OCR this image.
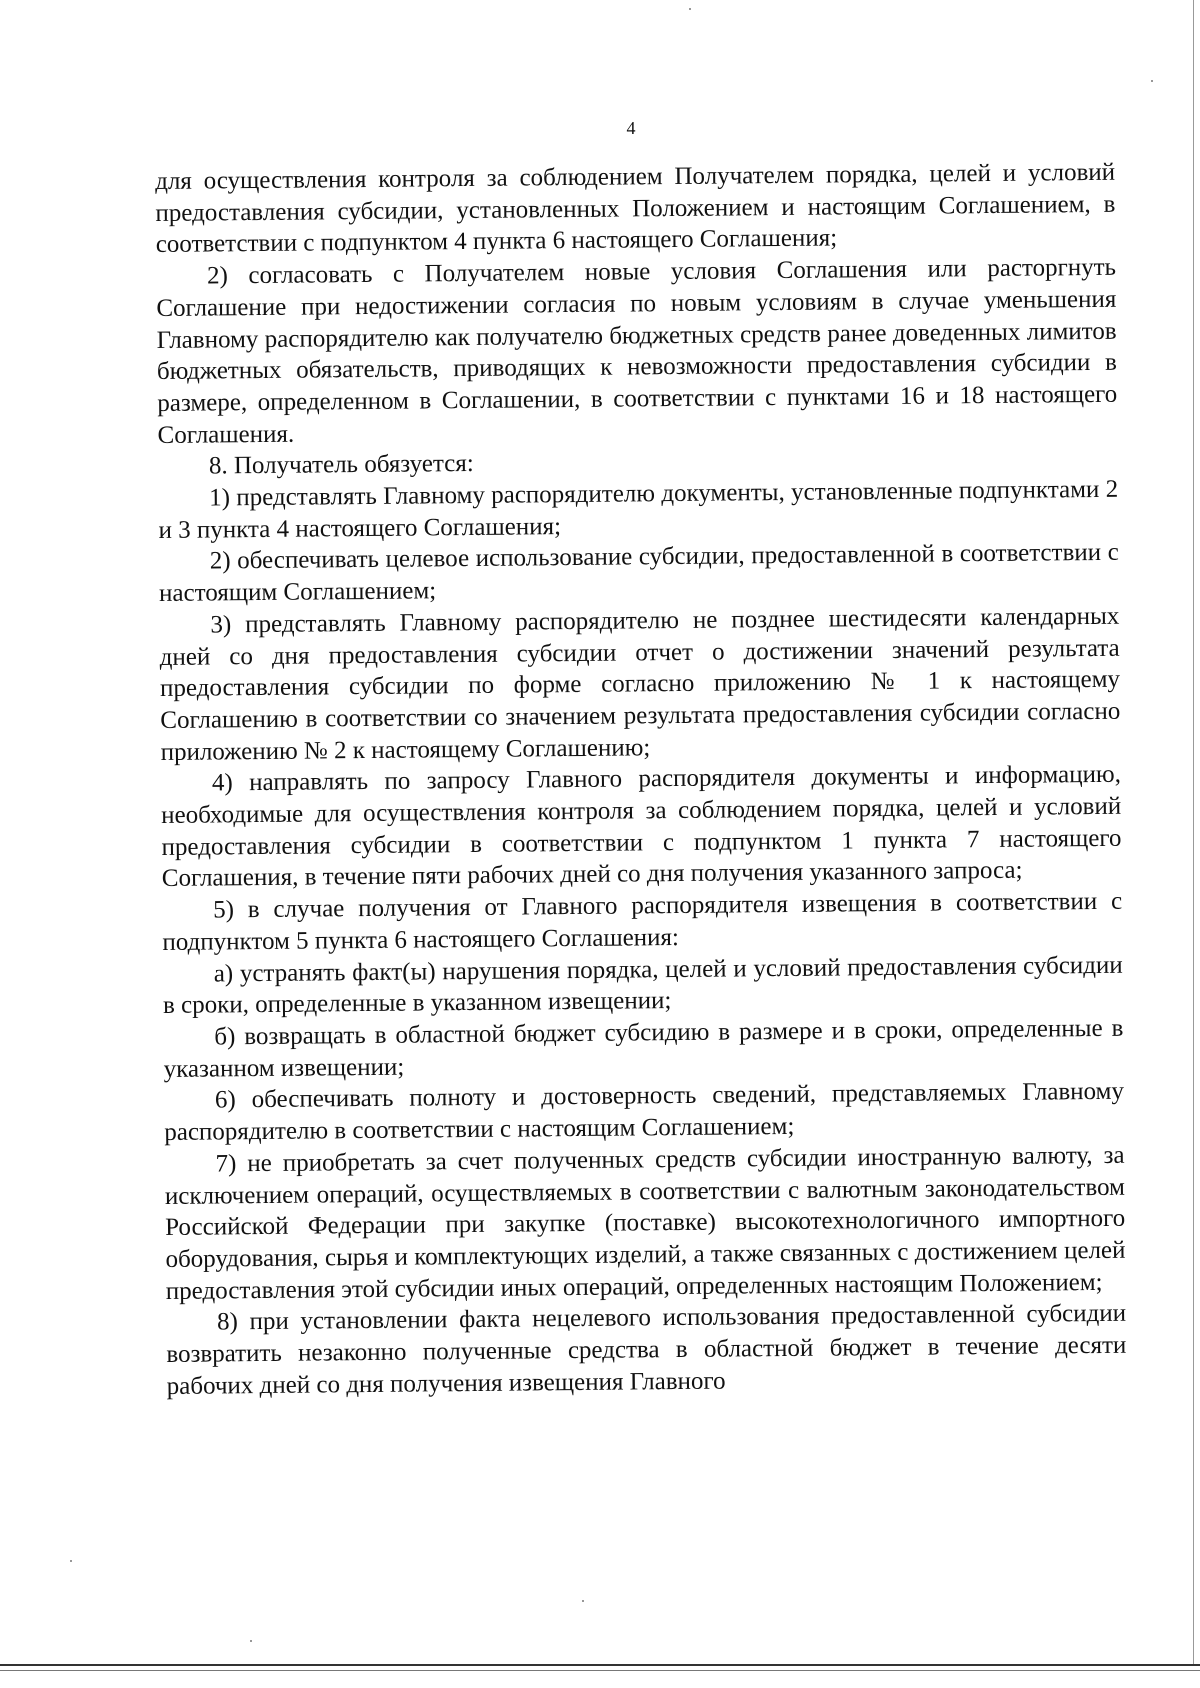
4

для осуществления контроля за соблюдением Получателем порядка, целей и условий предоставления субсидии, установленных Положением и настоящим Соглашением, в соответствии с подпунктом 4 пункта 6 настоящего Соглашения;

2) согласовать с Получателем новые условия Соглашения или расторгнуть Соглашение при недостижении согласия по новым условиям в случае уменьшения Главному распорядителю как получателю бюджетных средств ранее доведенных лимитов бюджетных обязательств, приводящих к невозможности предоставления субсидии в размере, определенном в Соглашении, в соответствии с пунктами 16 и 18 настоящего Соглашения.

8. Получатель обязуется:

1) представлять Главному распорядителю документы, установленные подпунктами 2 и 3 пункта 4 настоящего Соглашения;

2) обеспечивать целевое использование субсидии, предоставленной в соответствии с настоящим Соглашением;

3) представлять Главному распорядителю не позднее шестидесяти календарных дней со дня предоставления субсидии отчет о достижении значений результата предоставления субсидии по форме согласно приложению № 1 к настоящему Соглашению в соответствии со значением результата предоставления субсидии согласно приложению № 2 к настоящему Соглашению;

4) направлять по запросу Главного распорядителя документы и информацию, необходимые для осуществления контроля за соблюдением порядка, целей и условий предоставления субсидии в соответствии с подпунктом 1 пункта 7 настоящего Соглашения, в течение пяти рабочих дней со дня получения указанного запроса;

5) в случае получения от Главного распорядителя извещения в соответствии с подпунктом 5 пункта 6 настоящего Соглашения:

а) устранять факт(ы) нарушения порядка, целей и условий предоставления субсидии в сроки, определенные в указанном извещении;

б) возвращать в областной бюджет субсидию в размере и в сроки, определенные в указанном извещении;

6) обеспечивать полноту и достоверность сведений, представляемых Главному распорядителю в соответствии с настоящим Соглашением;

7) не приобретать за счет полученных средств субсидии иностранную валюту, за исключением операций, осуществляемых в соответствии с валютным законодательством Российской Федерации при закупке (поставке) высокотехнологичного импортного оборудования, сырья и комплектующих изделий, а также связанных с достижением целей предоставления этой субсидии иных операций, определенных настоящим Положением;

8) при установлении факта нецелевого использования предоставленной субсидии возвратить незаконно полученные средства в областной бюджет в течение десяти рабочих дней со дня получения извещения Главного
